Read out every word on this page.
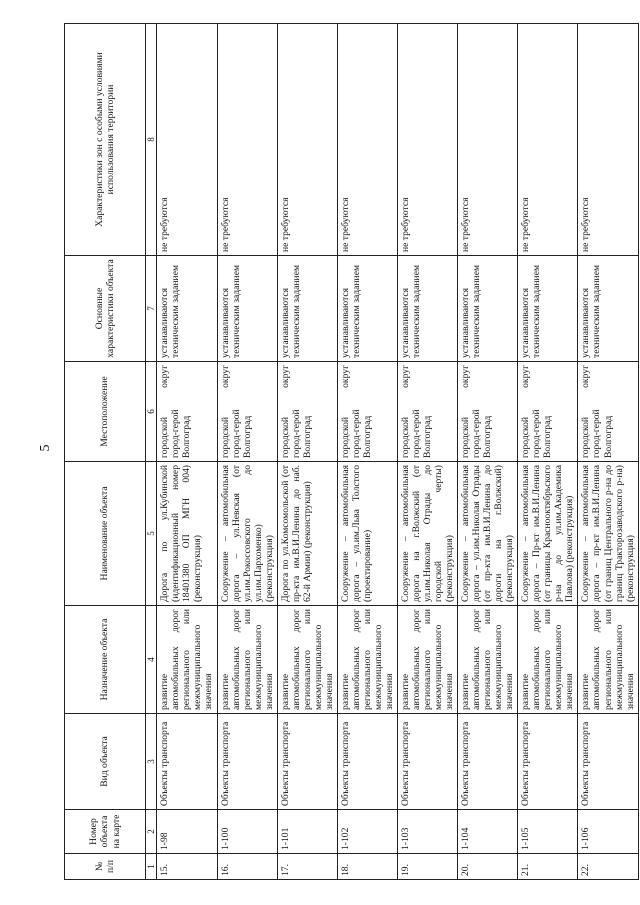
5
№ п/п	Номер объекта на карте	Вид объекта	Назначение объекта	Наименование объекта	Местоположение	Основные характеристики объекта	Характеристики зон с особыми условиями использования территории
1	2	3	4	5	6	7	8
15.	1-98	Объекты транспорта	развитие автомобильных дорог регионального или межмуниципального значения	Дорога по ул.Кубинской (идентификационный номер 18401380 ОП МГН 004) (реконструкция)	городской округ город-герой Волгоград	устанавливаются техническим заданием	не требуются
16.	1-100	Объекты транспорта	развитие автомобильных дорог регионального или межмуниципального значения	Сооружение – автомобильная дорога – ул.Невская (от ул.им.Рокоссовского до ул.им.Пархоменко) (реконструкция)	городской округ город-герой Волгоград	устанавливаются техническим заданием	не требуются
17.	1-101	Объекты транспорта	развитие автомобильных дорог регионального или межмуниципального значения	Дорога по ул.Комсомольской (от пр-кта им.В.И.Ленина до наб. 62-й Армии) (реконструкция)	городской округ город-герой Волгоград	устанавливаются техническим заданием	не требуются
18.	1-102	Объекты транспорта	развитие автомобильных дорог регионального или межмуниципального значения	Сооружение – автомобильная дорога – ул.им.Льва Толстого (проектирование)	городской округ город-герой Волгоград	устанавливаются техническим заданием	не требуются
19.	1-103	Объекты транспорта	развитие автомобильных дорог регионального или межмуниципального значения	Сооружение – автомобильная дорога на г.Волжский (от ул.им.Николая Отрады до городской черты) (реконструкция)	городской округ город-герой Волгоград	устанавливаются техническим заданием	не требуются
20.	1-104	Объекты транспорта	развитие автомобильных дорог регионального или межмуниципального значения	Сооружение – автомобильная дорога – ул.им.Николая Отрады (от пр-кта им.В.И.Ленина до дороги на г.Волжский) (реконструкция)	городской округ город-герой Волгоград	устанавливаются техническим заданием	не требуются
21.	1-105	Объекты транспорта	развитие автомобильных дорог регионального или межмуниципального значения	Сооружение – автомобильная дорога – Пр-кт им.В.И.Ленина (от границы Краснооктябрьского р-на до ул.им.Академика Павлова) (реконструкция)	городской округ город-герой Волгоград	устанавливаются техническим заданием	не требуются
22.	1-106	Объекты транспорта	развитие автомобильных дорог регионального или межмуниципального значения	Сооружение – автомобильная дорога – пр-кт им.В.И.Ленина (от границ Центрального р-на до границ Тракторозаводского р-на) (реконструкция)	городской округ город-герой Волгоград	устанавливаются техническим заданием	не требуются
